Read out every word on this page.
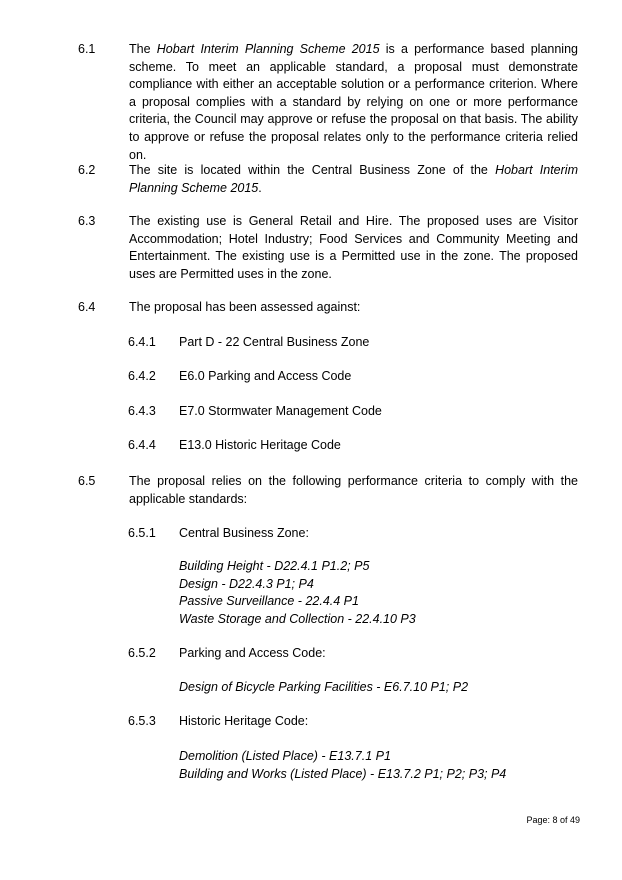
6.1	The Hobart Interim Planning Scheme 2015 is a performance based planning scheme. To meet an applicable standard, a proposal must demonstrate compliance with either an acceptable solution or a performance criterion. Where a proposal complies with a standard by relying on one or more performance criteria, the Council may approve or refuse the proposal on that basis. The ability to approve or refuse the proposal relates only to the performance criteria relied on.
6.2	The site is located within the Central Business Zone of the Hobart Interim Planning Scheme 2015.
6.3	The existing use is General Retail and Hire. The proposed uses are Visitor Accommodation; Hotel Industry; Food Services and Community Meeting and Entertainment. The existing use is a Permitted use in the zone. The proposed uses are Permitted uses in the zone.
6.4	The proposal has been assessed against:
6.4.1 Part D - 22 Central Business Zone
6.4.2 E6.0 Parking and Access Code
6.4.3 E7.0 Stormwater Management Code
6.4.4 E13.0 Historic Heritage Code
6.5	The proposal relies on the following performance criteria to comply with the applicable standards:
6.5.1 Central Business Zone:
Building Height - D22.4.1 P1.2; P5
Design - D22.4.3 P1; P4
Passive Surveillance - 22.4.4 P1
Waste Storage and Collection - 22.4.10 P3
6.5.2 Parking and Access Code:
Design of Bicycle Parking Facilities - E6.7.10 P1; P2
6.5.3 Historic Heritage Code:
Demolition (Listed Place) - E13.7.1 P1
Building and Works (Listed Place) - E13.7.2 P1; P2; P3; P4
Page: 8 of 49
